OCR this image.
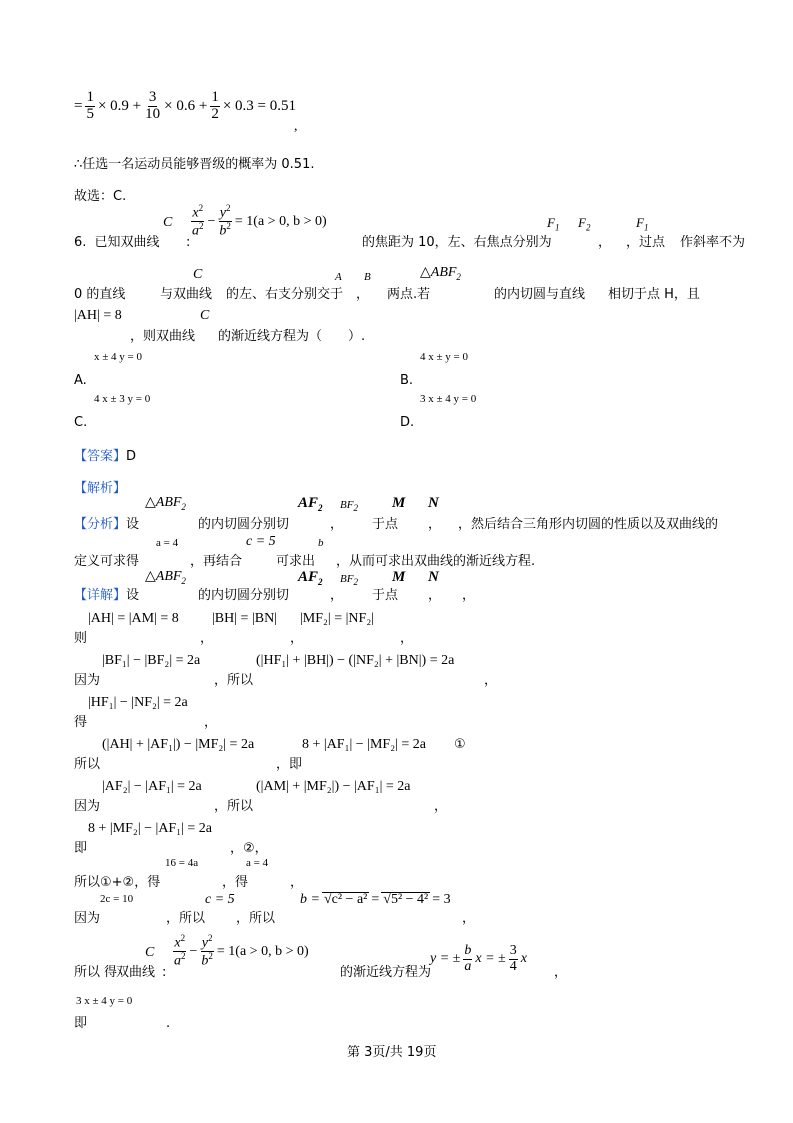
= $\frac{1}{5} \times 0.9 + \frac{3}{10} \times 0.6 + \frac{1}{2} \times 0.3 = 0.51$
,
∴任选一名运动员能够晋级的概率为 0.51.
故选：C.
C $\frac{x^2}{a^2} - \frac{y^2}{b^2} = 1(a > 0$, b > 0)	$F_1$ $F_2$	$F_1$
6. 已知双曲线 :	的焦距为 10，左、右焦点分别为	， ，过点 作斜率不为
C	A B	$\triangle ABF_2$
0 的直线	与双曲线 的左、右支分别交于 ， 两点.若	的内切圆与直线 相切于点 H，且
|AH| = 8	C
，则双曲线 的渐近线方程为（　　）.
x ± 4 y = 0
A.
4 x ± y = 0
B.
4 x ± 3 y = 0
C.
3 x ± 4 y = 0
D.
【答案】D
【解析】
$\triangle ABF_2$	$AF_2$ $BF_2$ M N
【分析】设	的内切圆分别切	， 于点 ， ，然后结合三角形内切圆的性质以及双曲线的
a = 4	c = 5	b
定义可求得	，再结合	可求出 ，从而可求出双曲线的渐近线方程.
$\triangle ABF_2$	$AF_2$ $BF_2$ M N
【详解】设	的内切圆分别切	， 于点 ， ，
|AH| = |AM| = 8 |BH| = |BN| |MF₂| = |NF₂|
则	，	，	，
|BF₁| − |BF₂| = 2a	(|HF₁| + |BH|) − (|NF₂| + |BN|) = 2a
因为	，所以	，
|HF₁| − |NF₂| = 2a
得	，
(|AH| + |AF₁|) − |MF₂| = 2a	8 + |AF₁| − |MF₂| = 2a ①
所以	，即
|AF₂| − |AF₁| = 2a	(|AM| + |MF₂|) − |AF₁| = 2a
因为	，所以	，
8 + |MF₂| − |AF₁| = 2a
即	，②，
16 = 4a	a = 4
所以①+②，得	，得	，
2c = 10	c = 5	b = √c² − a² = √5² − 4² = 3
因为	，所以 ，所以	，
C $\frac{x^2}{a^2} - \frac{y^2}{b^2} = 1(a > 0$, b > 0)	y = ± $\frac{b}{a}$ x = ± $\frac{3}{4}$ x
所以 得
双曲线 :	的渐近线方程为	，
3 x ± 4 y = 0
即	.
第 3页/共 19页
